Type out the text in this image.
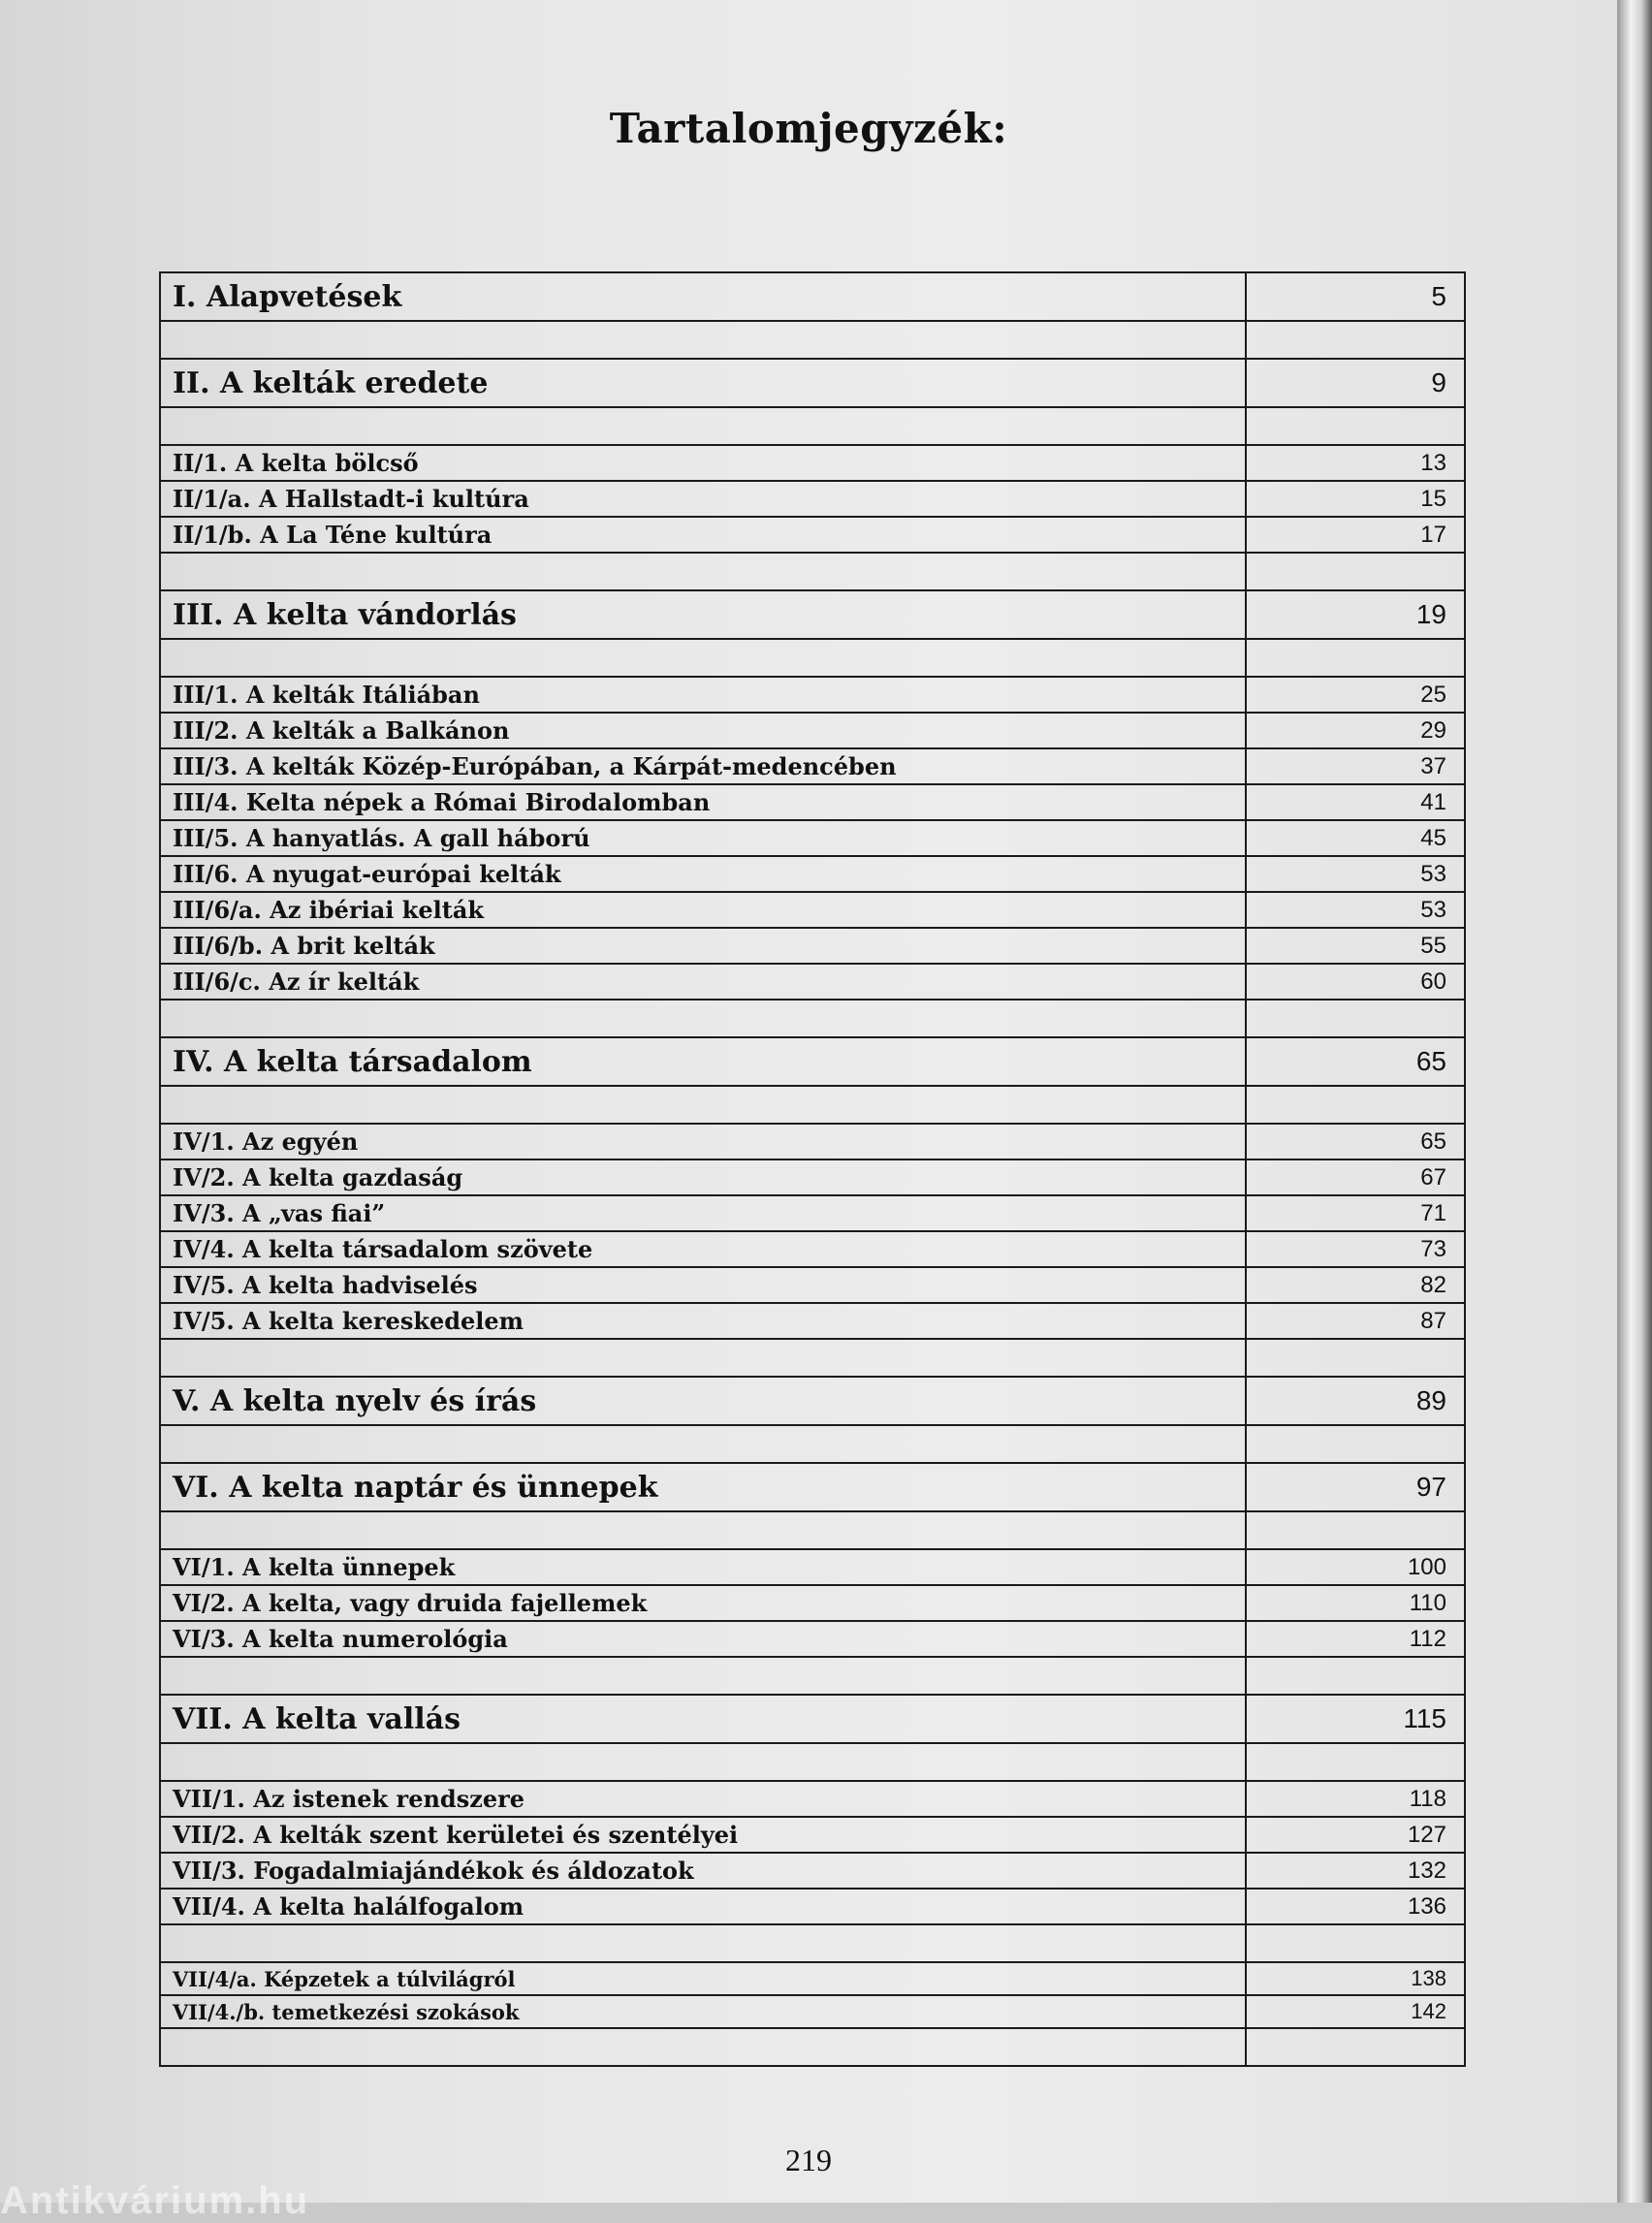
Tartalomjegyzék:
I. Alapvetések	5

II. A kelták eredete	9

II/1. A kelta bölcső	13
II/1/a. A Hallstadt-i kultúra	15
II/1/b. A La Téne kultúra	17

III. A kelta vándorlás	19

III/1. A kelták Itáliában	25
III/2. A kelták a Balkánon	29
III/3. A kelták Közép-Európában, a Kárpát-medencében	37
III/4. Kelta népek a Római Birodalomban	41
III/5. A hanyatlás. A gall háború	45
III/6. A nyugat-európai kelták	53
III/6/a. Az ibériai kelták	53
III/6/b. A brit kelták	55
III/6/c. Az ír kelták	60

IV. A kelta társadalom	65

IV/1. Az egyén	65
IV/2. A kelta gazdaság	67
IV/3. A „vas fiai”	71
IV/4. A kelta társadalom szövete	73
IV/5. A kelta hadviselés	82
IV/5. A kelta kereskedelem	87

V. A kelta nyelv és írás	89

VI. A kelta naptár és ünnepek	97

VI/1. A kelta ünnepek	100
VI/2. A kelta, vagy druida fajellemek	110
VI/3. A kelta numerológia	112

VII. A kelta vallás	115

VII/1. Az istenek rendszere	118
VII/2. A kelták szent kerületei és szentélyei	127
VII/3. Fogadalmiajándékok és áldozatok	132
VII/4. A kelta halálfogalom	136

VII/4/a. Képzetek a túlvilágról	138
VII/4./b. temetkezési szokások	142

219
Antikvárium.hu
